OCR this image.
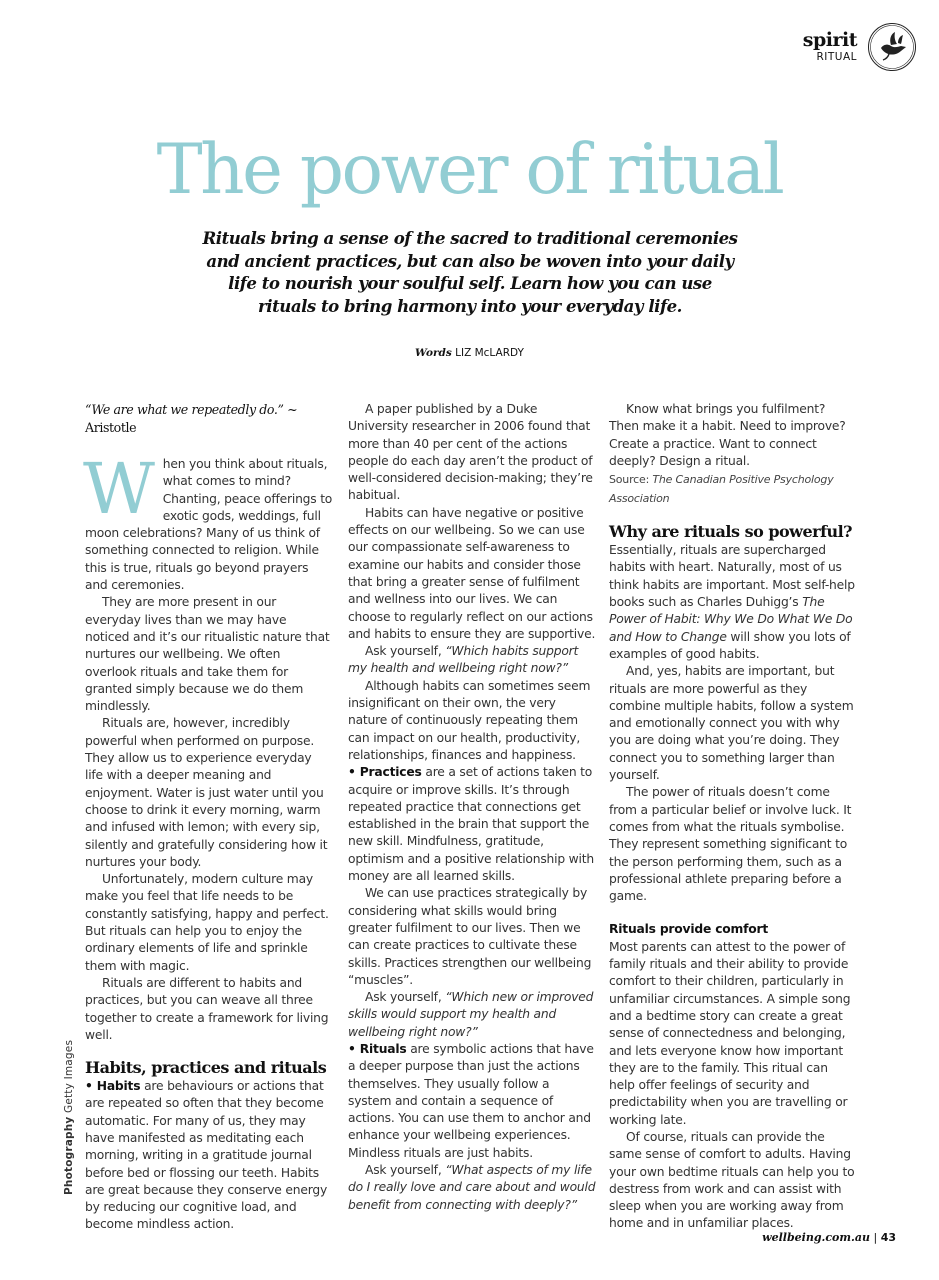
spirit
RITUAL
The power of ritual

Rituals bring a sense of the sacred to traditional ceremonies and ancient practices, but can also be woven into your daily life to nourish your soulful self. Learn how you can use rituals to bring harmony into your everyday life.

Words LIZ McLARDY
“We are what we repeatedly do.” ~ Aristotle
W hen you think about rituals, what comes to mind? Chanting, peace offerings to exotic gods, weddings, full moon celebrations? Many of us think of something connected to religion. While this is true, rituals go beyond prayers and ceremonies.

They are more present in our everyday lives than we may have noticed and it’s our ritualistic nature that nurtures our wellbeing. We often overlook rituals and take them for granted simply because we do them mindlessly.

Rituals are, however, incredibly powerful when performed on purpose. They allow us to experience everyday life with a deeper meaning and enjoyment. Water is just water until you choose to drink it every morning, warm and infused with lemon; with every sip, silently and gratefully considering how it nurtures your body.

Unfortunately, modern culture may make you feel that life needs to be constantly satisfying, happy and perfect. But rituals can help you to enjoy the ordinary elements of life and sprinkle them with magic.

Rituals are different to habits and practices, but you can weave all three together to create a framework for living well.

Habits, practices and rituals

• Habits are behaviours or actions that are repeated so often that they become automatic. For many of us, they may have manifested as meditating each morning, writing in a gratitude journal before bed or flossing our teeth. Habits are great because they conserve energy by reducing our cognitive load, and become mindless action.

A paper published by a Duke University researcher in 2006 found that more than 40 per cent of the actions people do each day aren’t the product of well-considered decision-making; they’re habitual.

Habits can have negative or positive effects on our wellbeing. So we can use our compassionate self-awareness to examine our habits and consider those that bring a greater sense of fulfilment and wellness into our lives. We can choose to regularly reflect on our actions and habits to ensure they are supportive.

Ask yourself, “Which habits support my health and wellbeing right now?”

Although habits can sometimes seem insignificant on their own, the very nature of continuously repeating them can impact on our health, productivity, relationships, finances and happiness.

• Practices are a set of actions taken to acquire or improve skills. It’s through repeated practice that connections get established in the brain that support the new skill. Mindfulness, gratitude, optimism and a positive relationship with money are all learned skills.

We can use practices strategically by considering what skills would bring greater fulfilment to our lives. Then we can create practices to cultivate these skills. Practices strengthen our wellbeing “muscles”.

Ask yourself, “Which new or improved skills would support my health and wellbeing right now?”

• Rituals are symbolic actions that have a deeper purpose than just the actions themselves. They usually follow a system and contain a sequence of actions. You can use them to anchor and enhance your wellbeing experiences. Mindless rituals are just habits.

Ask yourself, “What aspects of my life do I really love and care about and would benefit from connecting with deeply?”

Know what brings you fulfilment? Then make it a habit. Need to improve? Create a practice. Want to connect deeply? Design a ritual.

Source: The Canadian Positive Psychology Association

Why are rituals so powerful?

Essentially, rituals are supercharged habits with heart. Naturally, most of us think habits are important. Most self-help books such as Charles Duhigg’s The Power of Habit: Why We Do What We Do and How to Change will show you lots of examples of good habits.

And, yes, habits are important, but rituals are more powerful as they combine multiple habits, follow a system and emotionally connect you with why you are doing what you’re doing. They connect you to something larger than yourself.

The power of rituals doesn’t come from a particular belief or involve luck. It comes from what the rituals symbolise. They represent something significant to the person performing them, such as a professional athlete preparing before a game.

Rituals provide comfort

Most parents can attest to the power of family rituals and their ability to provide comfort to their children, particularly in unfamiliar circumstances. A simple song and a bedtime story can create a great sense of connectedness and belonging, and lets everyone know how important they are to the family. This ritual can help offer feelings of security and predictability when you are travelling or working late.

Of course, rituals can provide the same sense of comfort to adults. Having your own bedtime rituals can help you to destress from work and can assist with sleep when you are working away from home and in unfamiliar places.

Photography Getty Images
wellbeing.com.au | 43
